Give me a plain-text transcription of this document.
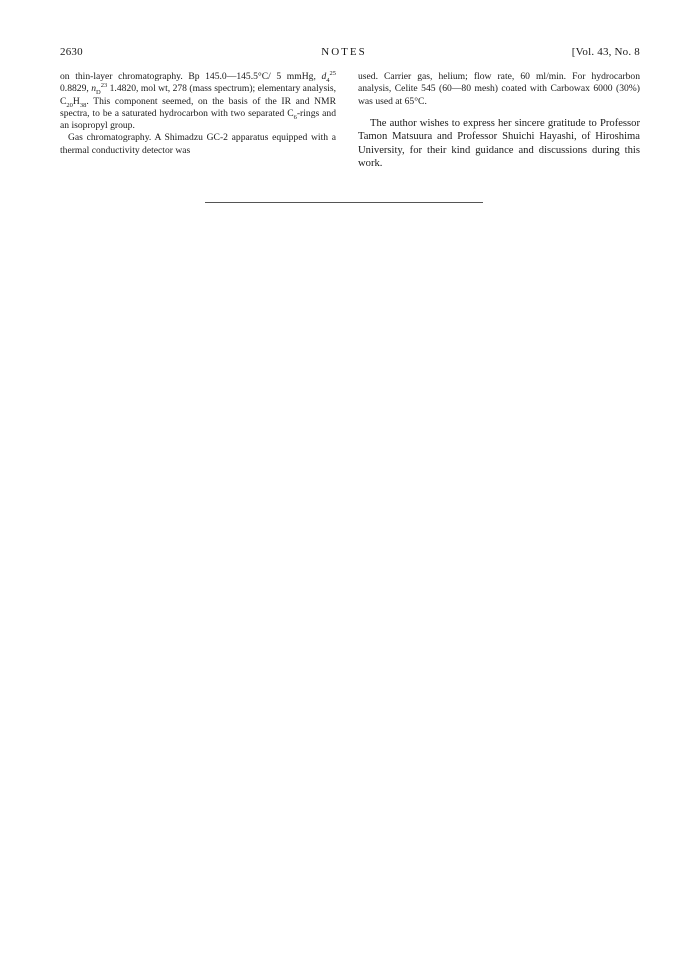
2630	NOTES	[Vol. 43, No. 8

on thin-layer chromatography. Bp 145.0—145.5°C/ 5 mmHg, $d_4^{25}$ 0.8829, $n_D^{23}$ 1.4820, mol wt, 278 (mass spectrum); elementary analysis, $C_{20}H_{38}$. This component seemed, on the basis of the IR and NMR spectra, to be a saturated hydrocarbon with two separated $C_6$-rings and an isopropyl group.

Gas chromatography. A Shimadzu GC-2 apparatus equipped with a thermal conductivity detector was

used. Carrier gas, helium; flow rate, 60 ml/min. For hydrocarbon analysis, Celite 545 (60—80 mesh) coated with Carbowax 6000 (30%) was used at 65°C.

The author wishes to express her sincere gratitude to Professor Tamon Matsuura and Professor Shuichi Hayashi, of Hiroshima University, for their kind guidance and discussions during this work.
